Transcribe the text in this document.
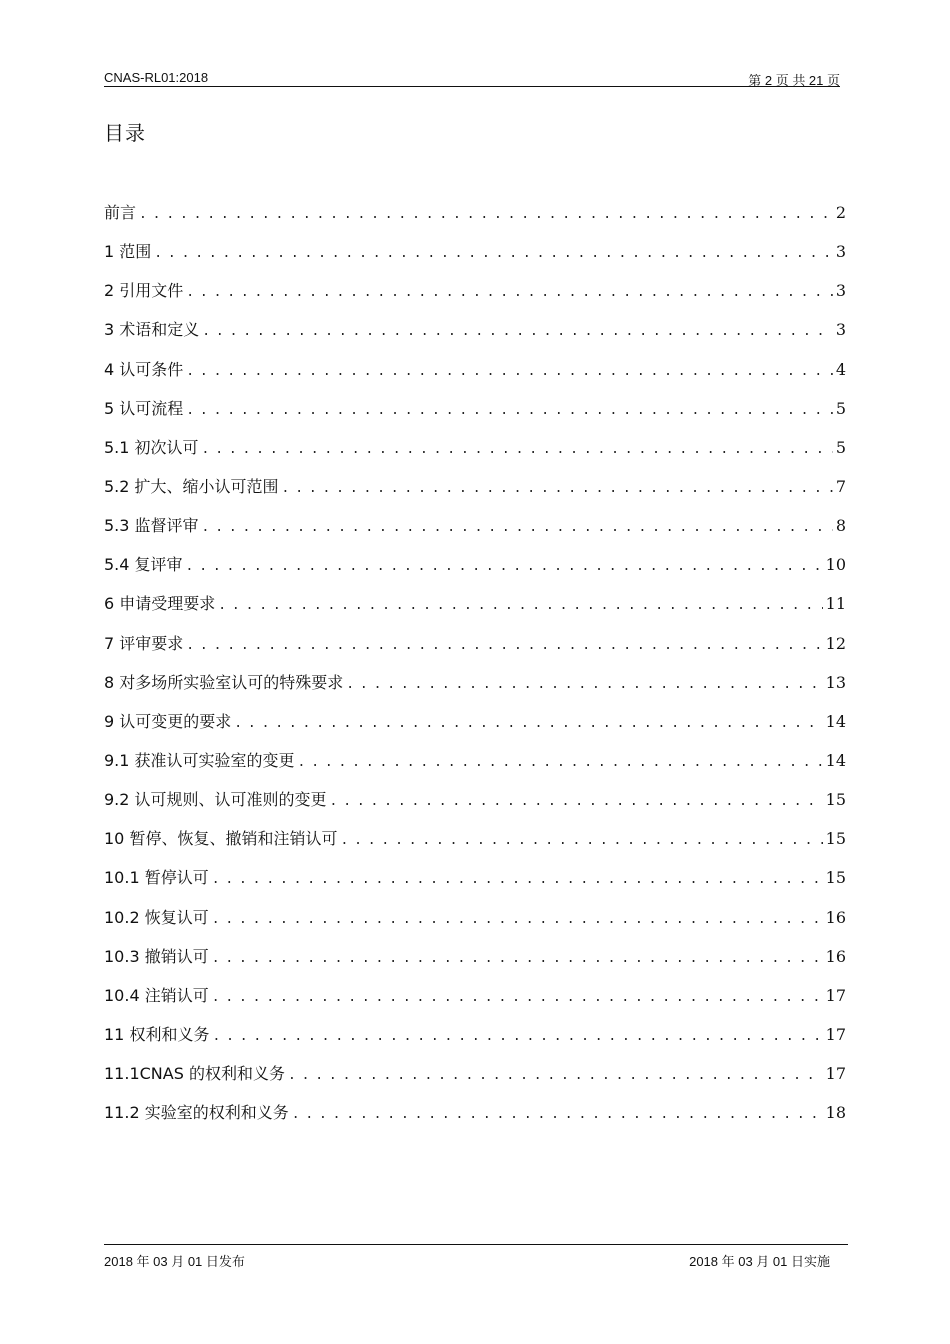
CNAS-RL01:2018	第 2 页 共 21 页
目录
前言 . . .	2
1 范围 . . .	3
2 引用文件 . . .	3
3 术语和定义 . . .	3
4 认可条件 . . .	4
5 认可流程 . . .	5
5.1 初次认可 . . .	5
5.2 扩大、缩小认可范围 . . .	7
5.3 监督评审 . . .	8
5.4 复评审 . . .	10
6 申请受理要求 . . .	11
7 评审要求 . . .	12
8 对多场所实验室认可的特殊要求 . . .	13
9 认可变更的要求 . . .	14
9.1 获准认可实验室的变更 . . .	14
9.2 认可规则、认可准则的变更 . . .	15
10 暂停、恢复、撤销和注销认可 . . .	15
10.1 暂停认可 . . .	15
10.2 恢复认可 . . .	16
10.3 撤销认可 . . .	16
10.4 注销认可 . . .	17
11 权利和义务 . . .	17
11.1CNAS 的权利和义务 . . .	17
11.2 实验室的权利和义务 . . .	18
2018 年 03 月 01 日发布	2018 年 03 月 01 日实施
